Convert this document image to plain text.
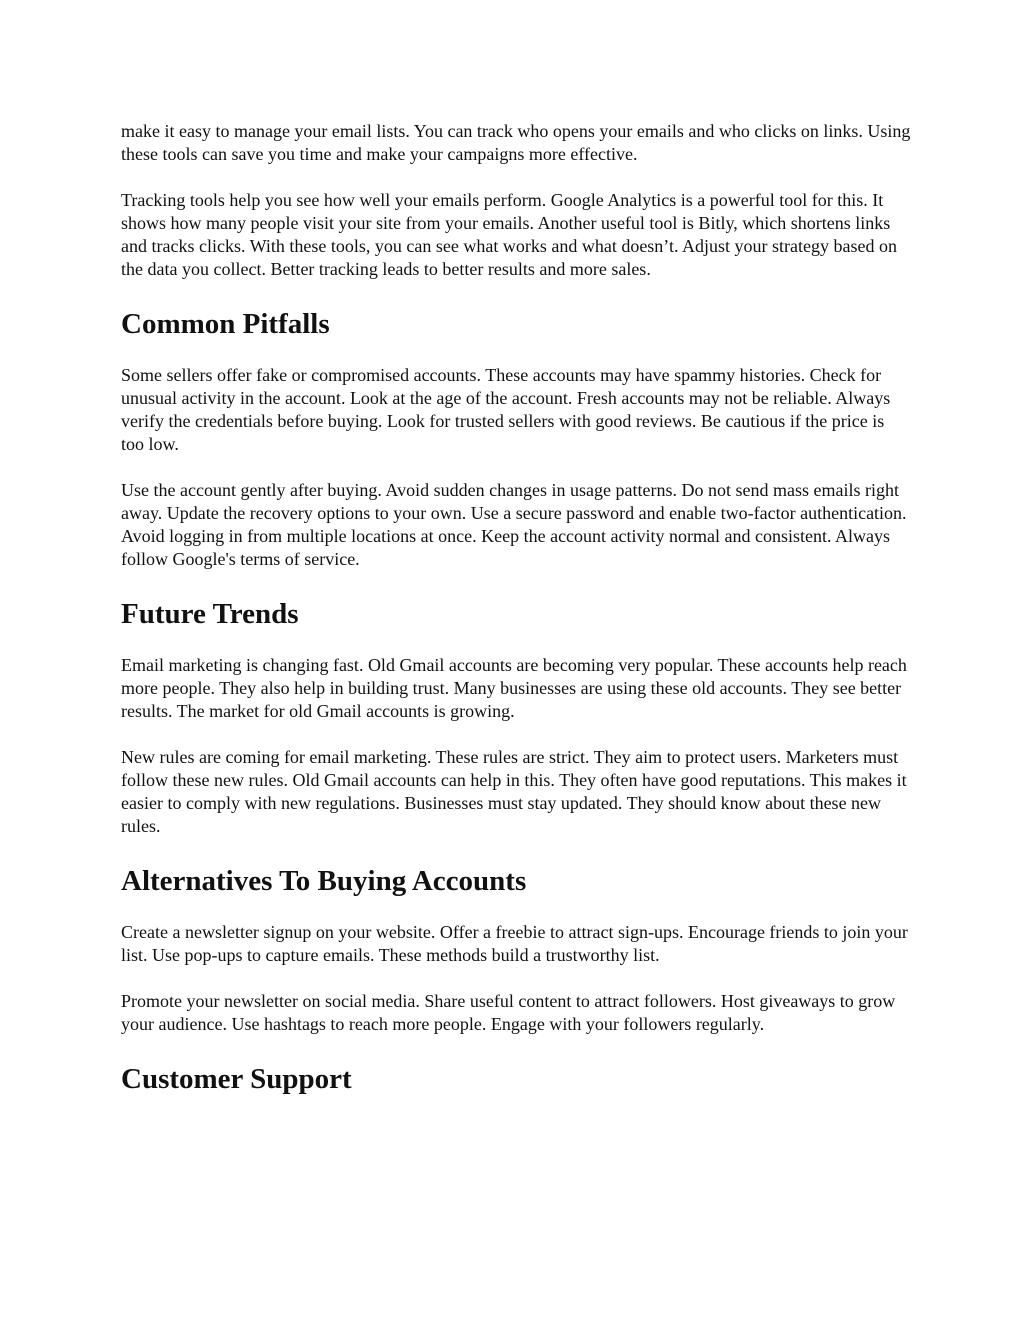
make it easy to manage your email lists. You can track who opens your emails and who clicks on links. Using these tools can save you time and make your campaigns more effective.

Tracking tools help you see how well your emails perform. Google Analytics is a powerful tool for this. It shows how many people visit your site from your emails. Another useful tool is Bitly, which shortens links and tracks clicks. With these tools, you can see what works and what doesn’t. Adjust your strategy based on the data you collect. Better tracking leads to better results and more sales.

Common Pitfalls

Some sellers offer fake or compromised accounts. These accounts may have spammy histories. Check for unusual activity in the account. Look at the age of the account. Fresh accounts may not be reliable. Always verify the credentials before buying. Look for trusted sellers with good reviews. Be cautious if the price is too low.

Use the account gently after buying. Avoid sudden changes in usage patterns. Do not send mass emails right away. Update the recovery options to your own. Use a secure password and enable two-factor authentication. Avoid logging in from multiple locations at once. Keep the account activity normal and consistent. Always follow Google's terms of service.

Future Trends

Email marketing is changing fast. Old Gmail accounts are becoming very popular. These accounts help reach more people. They also help in building trust. Many businesses are using these old accounts. They see better results. The market for old Gmail accounts is growing.

New rules are coming for email marketing. These rules are strict. They aim to protect users. Marketers must follow these new rules. Old Gmail accounts can help in this. They often have good reputations. This makes it easier to comply with new regulations. Businesses must stay updated. They should know about these new rules.

Alternatives To Buying Accounts

Create a newsletter signup on your website. Offer a freebie to attract sign-ups. Encourage friends to join your list. Use pop-ups to capture emails. These methods build a trustworthy list.

Promote your newsletter on social media. Share useful content to attract followers. Host giveaways to grow your audience. Use hashtags to reach more people. Engage with your followers regularly.

Customer Support
